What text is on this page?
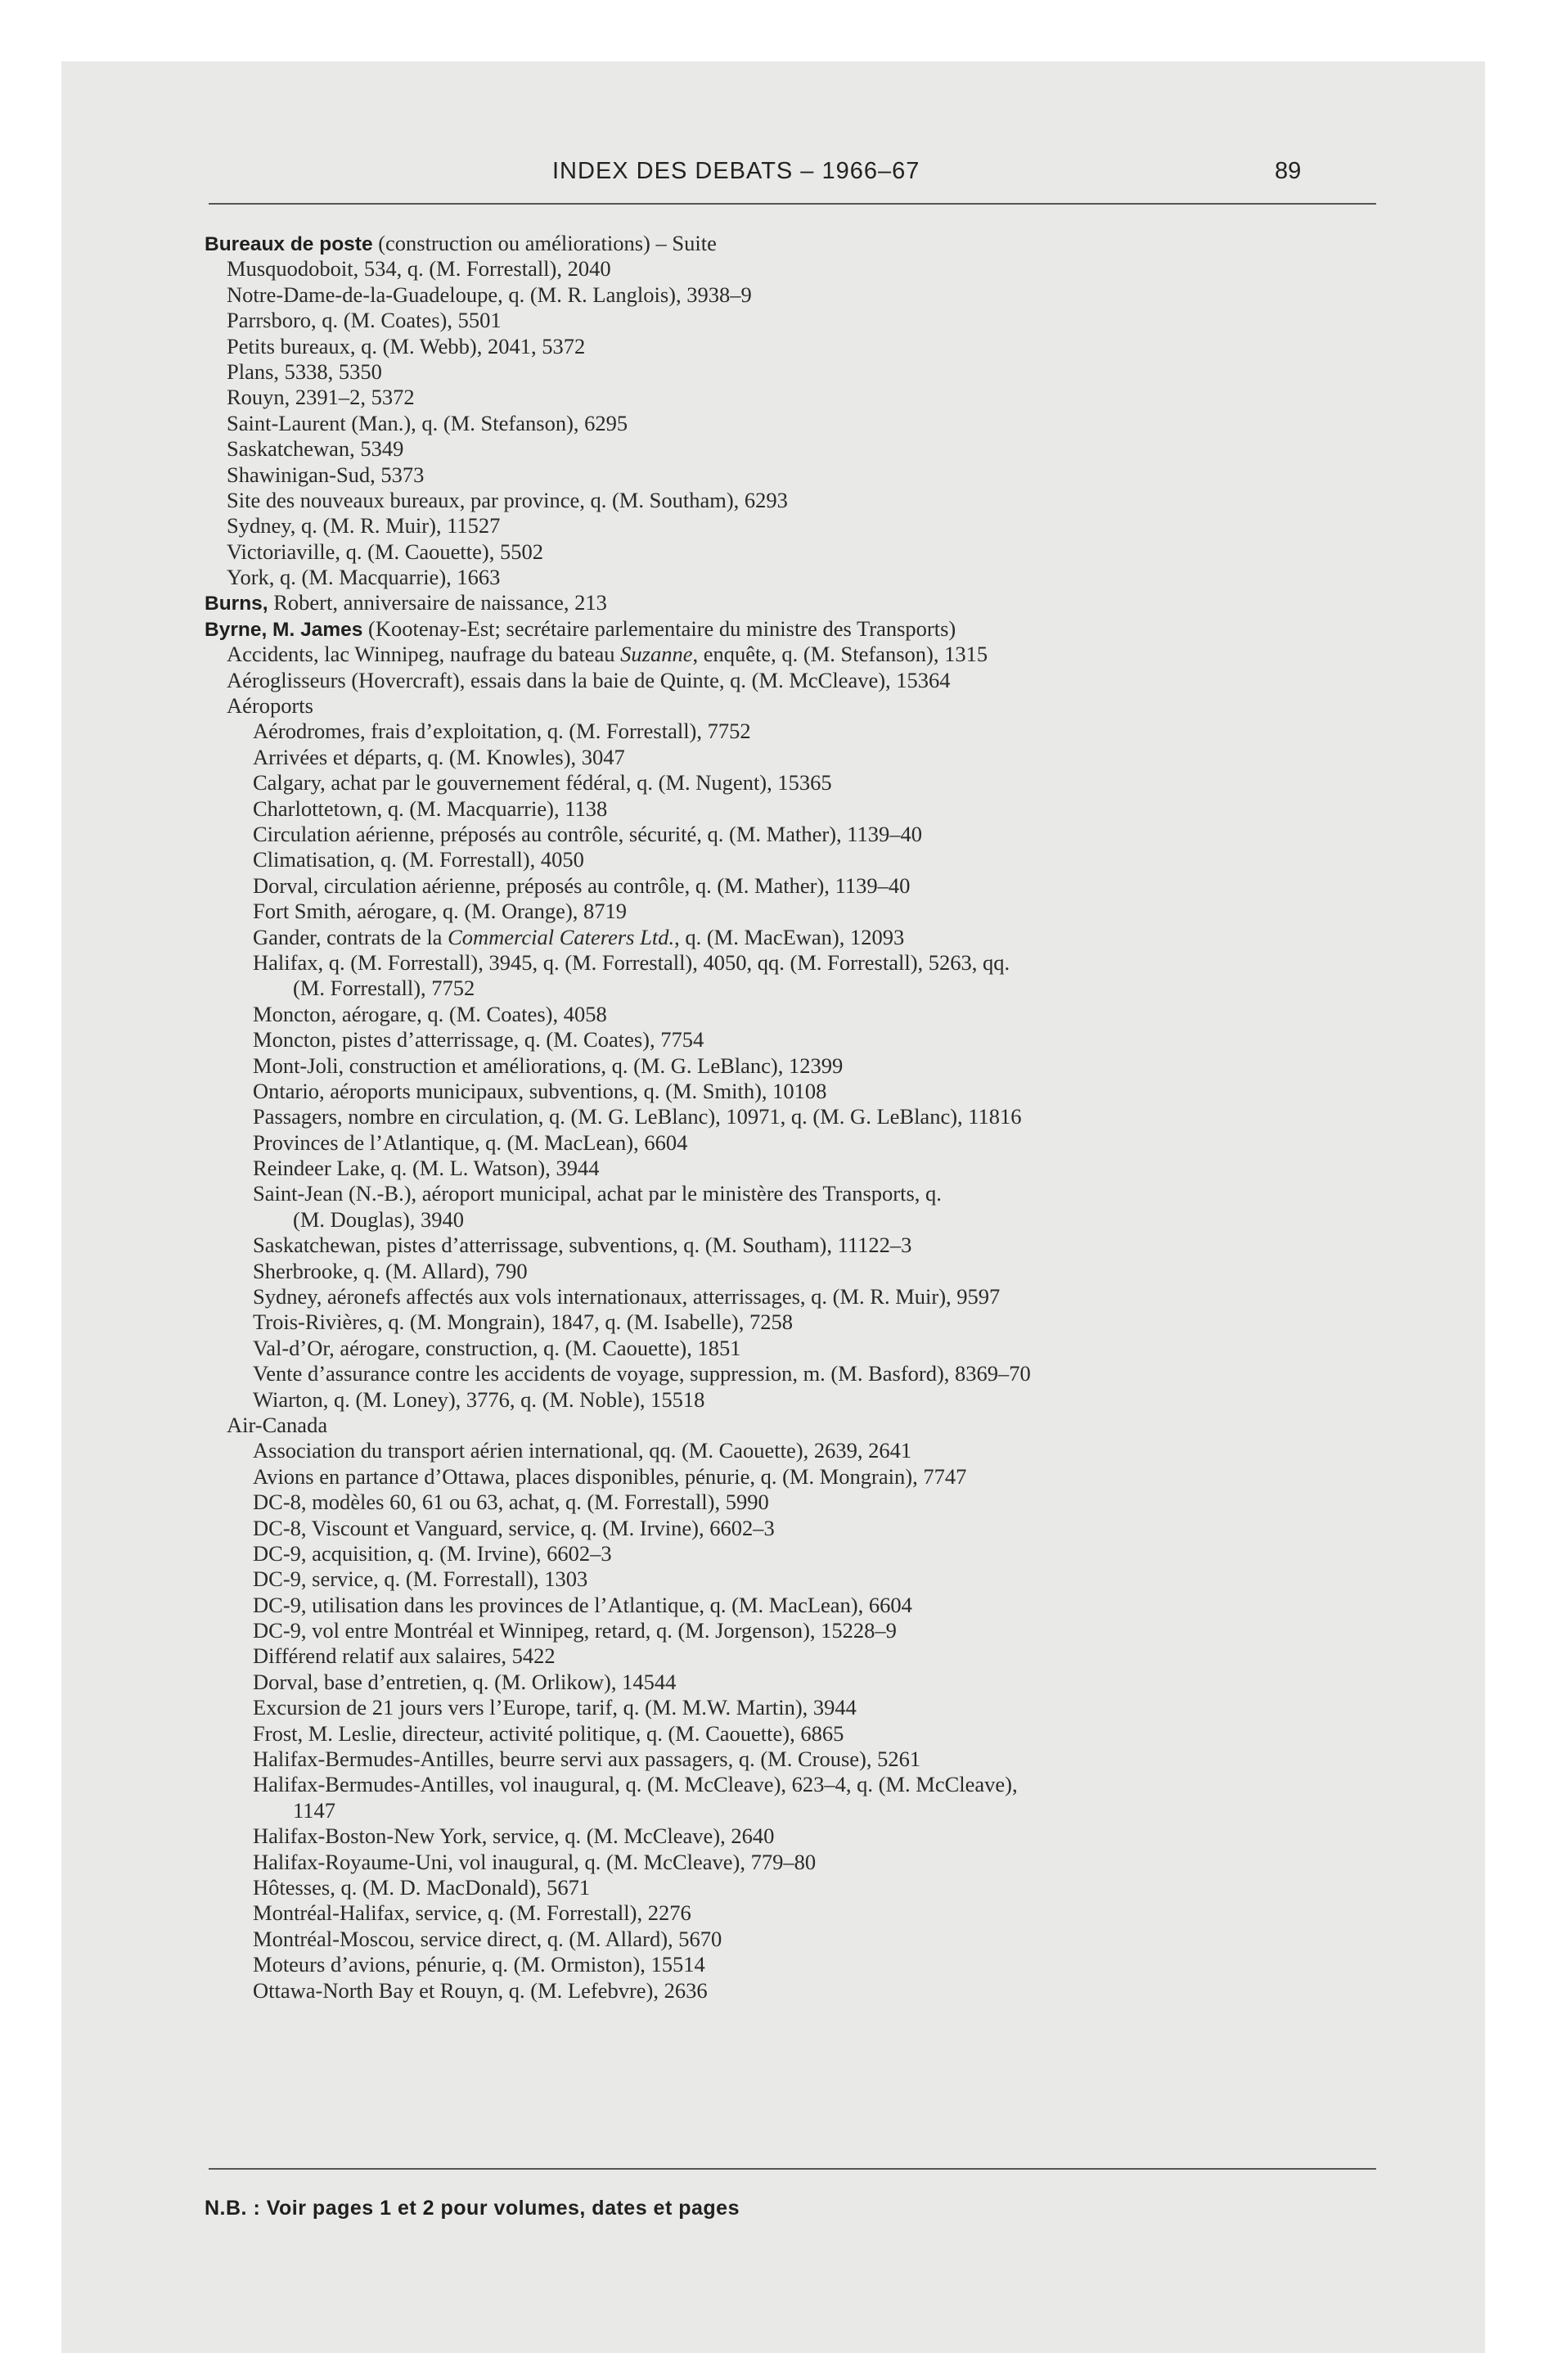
INDEX DES DEBATS – 1966–67	89
Bureaux de poste (construction ou améliorations) – Suite
Musquodoboit, 534, q. (M. Forrestall), 2040
Notre-Dame-de-la-Guadeloupe, q. (M. R. Langlois), 3938–9
Parrsboro, q. (M. Coates), 5501
Petits bureaux, q. (M. Webb), 2041, 5372
Plans, 5338, 5350
Rouyn, 2391–2, 5372
Saint-Laurent (Man.), q. (M. Stefanson), 6295
Saskatchewan, 5349
Shawinigan-Sud, 5373
Site des nouveaux bureaux, par province, q. (M. Southam), 6293
Sydney, q. (M. R. Muir), 11527
Victoriaville, q. (M. Caouette), 5502
York, q. (M. Macquarrie), 1663
Burns, Robert, anniversaire de naissance, 213
Byrne, M. James (Kootenay-Est; secrétaire parlementaire du ministre des Transports)
Accidents, lac Winnipeg, naufrage du bateau Suzanne, enquête, q. (M. Stefanson), 1315
Aéroglisseurs (Hovercraft), essais dans la baie de Quinte, q. (M. McCleave), 15364
Aéroports
Aérodromes, frais d’exploitation, q. (M. Forrestall), 7752
Arrivées et départs, q. (M. Knowles), 3047
Calgary, achat par le gouvernement fédéral, q. (M. Nugent), 15365
Charlottetown, q. (M. Macquarrie), 1138
Circulation aérienne, préposés au contrôle, sécurité, q. (M. Mather), 1139–40
Climatisation, q. (M. Forrestall), 4050
Dorval, circulation aérienne, préposés au contrôle, q. (M. Mather), 1139–40
Fort Smith, aérogare, q. (M. Orange), 8719
Gander, contrats de la Commercial Caterers Ltd., q. (M. MacEwan), 12093
Halifax, q. (M. Forrestall), 3945, q. (M. Forrestall), 4050, qq. (M. Forrestall), 5263, qq.
(M. Forrestall), 7752
Moncton, aérogare, q. (M. Coates), 4058
Moncton, pistes d’atterrissage, q. (M. Coates), 7754
Mont-Joli, construction et améliorations, q. (M. G. LeBlanc), 12399
Ontario, aéroports municipaux, subventions, q. (M. Smith), 10108
Passagers, nombre en circulation, q. (M. G. LeBlanc), 10971, q. (M. G. LeBlanc), 11816
Provinces de l’Atlantique, q. (M. MacLean), 6604
Reindeer Lake, q. (M. L. Watson), 3944
Saint-Jean (N.-B.), aéroport municipal, achat par le ministère des Transports, q.
(M. Douglas), 3940
Saskatchewan, pistes d’atterrissage, subventions, q. (M. Southam), 11122–3
Sherbrooke, q. (M. Allard), 790
Sydney, aéronefs affectés aux vols internationaux, atterrissages, q. (M. R. Muir), 9597
Trois-Rivières, q. (M. Mongrain), 1847, q. (M. Isabelle), 7258
Val-d’Or, aérogare, construction, q. (M. Caouette), 1851
Vente d’assurance contre les accidents de voyage, suppression, m. (M. Basford), 8369–70
Wiarton, q. (M. Loney), 3776, q. (M. Noble), 15518
Air-Canada
Association du transport aérien international, qq. (M. Caouette), 2639, 2641
Avions en partance d’Ottawa, places disponibles, pénurie, q. (M. Mongrain), 7747
DC-8, modèles 60, 61 ou 63, achat, q. (M. Forrestall), 5990
DC-8, Viscount et Vanguard, service, q. (M. Irvine), 6602–3
DC-9, acquisition, q. (M. Irvine), 6602–3
DC-9, service, q. (M. Forrestall), 1303
DC-9, utilisation dans les provinces de l’Atlantique, q. (M. MacLean), 6604
DC-9, vol entre Montréal et Winnipeg, retard, q. (M. Jorgenson), 15228–9
Différend relatif aux salaires, 5422
Dorval, base d’entretien, q. (M. Orlikow), 14544
Excursion de 21 jours vers l’Europe, tarif, q. (M. M.W. Martin), 3944
Frost, M. Leslie, directeur, activité politique, q. (M. Caouette), 6865
Halifax-Bermudes-Antilles, beurre servi aux passagers, q. (M. Crouse), 5261
Halifax-Bermudes-Antilles, vol inaugural, q. (M. McCleave), 623–4, q. (M. McCleave),
1147
Halifax-Boston-New York, service, q. (M. McCleave), 2640
Halifax-Royaume-Uni, vol inaugural, q. (M. McCleave), 779–80
Hôtesses, q. (M. D. MacDonald), 5671
Montréal-Halifax, service, q. (M. Forrestall), 2276
Montréal-Moscou, service direct, q. (M. Allard), 5670
Moteurs d’avions, pénurie, q. (M. Ormiston), 15514
Ottawa-North Bay et Rouyn, q. (M. Lefebvre), 2636
N.B. : Voir pages 1 et 2 pour volumes, dates et pages
